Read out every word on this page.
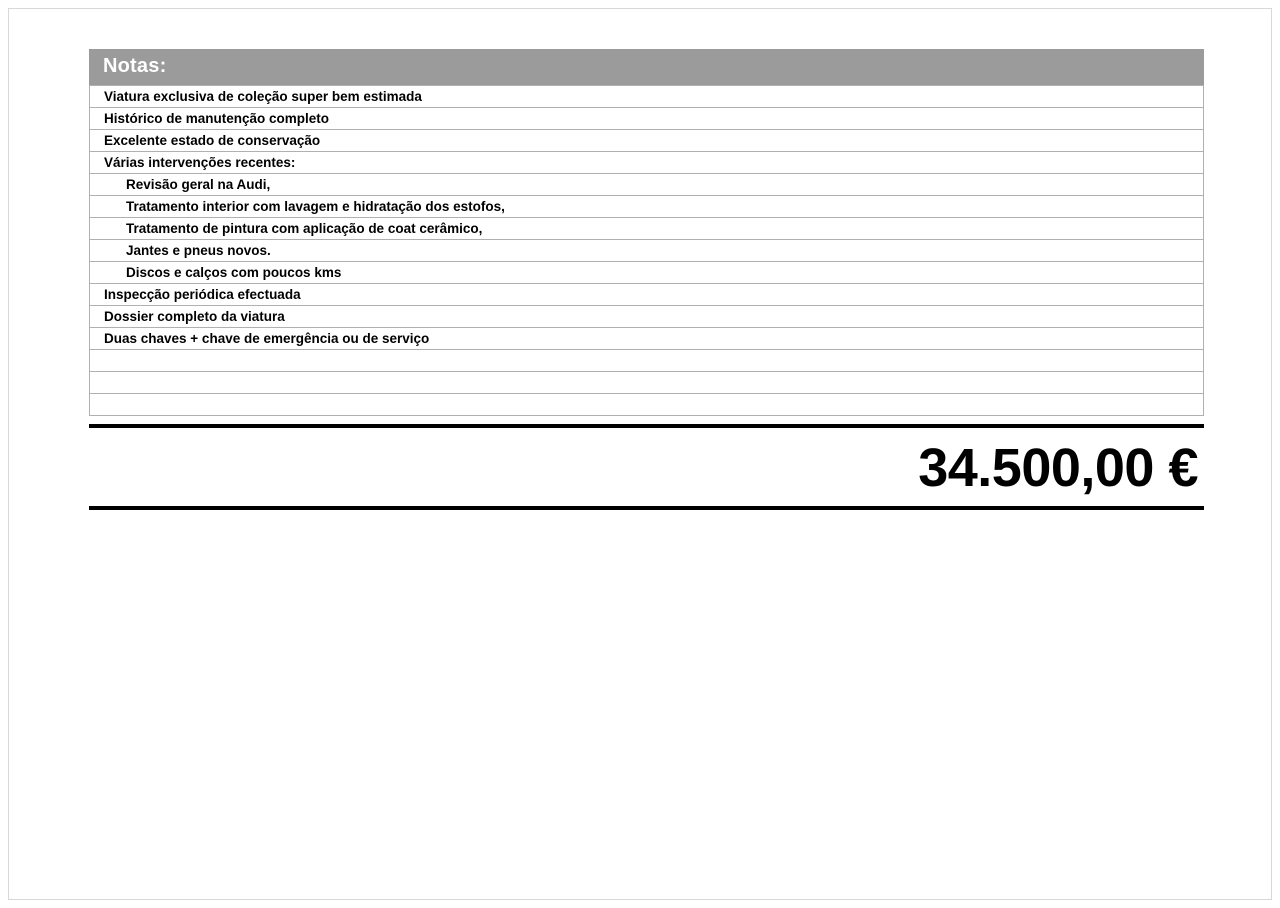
Notas:
Viatura exclusiva de coleção super bem estimada
Histórico de manutenção completo
Excelente estado de conservação
Várias intervenções recentes:
Revisão geral na Audi,
Tratamento interior com lavagem e hidratação dos estofos,
Tratamento de pintura com aplicação de coat cerâmico,
Jantes e pneus novos.
Discos e calços com poucos kms
Inspecção periódica efectuada
Dossier completo da viatura
Duas chaves + chave de emergência ou de serviço

34.500,00 €
